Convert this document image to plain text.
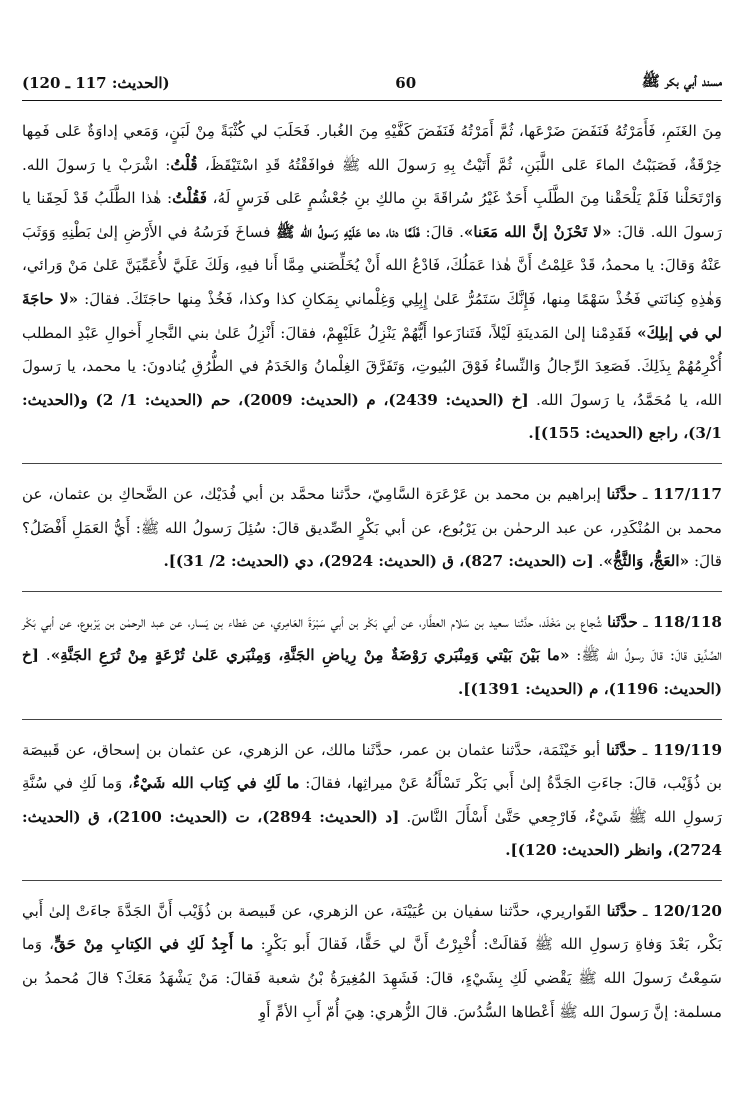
مسند أبي بكر ﷺ
60
(الحديث: 117 ـ 120)

مِنَ الغَنَمِ، فَأَمَرْتُهُ فَنَفَضَ ضَرْعَها، ثُمَّ أَمَرْتُهُ فَنَفَضَ كَفَّيْهِ مِنَ الغُبار. فَحَلَبَ لي كُثْبَةً مِنْ لَبَنٍ، وَمَعي إداوَةٌ عَلى فَمِها خِرْقَةٌ، فَصَبَبْتُ الماءَ عَلى اللَّبَنِ، ثُمَّ أَتَيْتُ بِهِ رَسولَ الله ﷺ فوافَقْتُهُ قَدِ اسْتَيْقَظَ، قُلْتُ: اشْرَبْ يا رَسولَ الله. وَارْتَحَلْنا فَلَمْ يَلْحَقْنا مِنَ الطَّلَبِ أَحَدٌ غَيْرُ سُراقَةَ بنِ مالكِ بنِ جُعْشُمٍ عَلى فَرَسٍ لَهُ، فَقُلْتُ: هٰذا الطَّلَبُ قَدْ لَحِقَنا يا رَسولَ الله. قالَ: «لا تَحْزَنْ إنَّ الله مَعَنا». قالَ: فَلَمَّا دنا، دعا عَلَيْهِ رَسولُ الله ﷺ فساخَ فَرَسُهُ في الأَرْضِ إلىٰ بَطْنِهِ وَوَثَبَ عَنْهُ وَقالَ: يا محمدُ، قَدْ عَلِمْتُ أَنَّ هٰذا عَمَلُكَ، فَادْعُ الله أَنْ يُخَلِّصَني مِمَّا أَنا فيهِ، وَلَكَ عَلَيَّ لأُعَمِّيَنَّ عَلىٰ مَنْ وَرائي، وَهٰذِهِ كِنانَتي فَخُذْ سَهْمًا مِنها، فَإِنَّكَ سَتَمُرُّ عَلىٰ إِبِلِي وَغِلْماني بِمَكانِ كذا وكذا، فَخُذْ مِنها حاجَتَكَ. فقالَ: «لا حاجَةَ لي في إبلِكَ» فَقَدِمْنا إلىٰ المَدينَةِ لَيْلاً، فَتَنازَعوا أَيُّهُمْ يَنْزِلُ عَلَيْهِمْ، فقالَ: أَنْزِلُ عَلىٰ بني النَّجارِ أَخوالِ عَبْدِ المطلب أُكْرِمُهُمْ بِذَلِكَ. فَصَعِدَ الرِّجالُ وَالنِّساءُ فَوْقَ البُيوتِ، وَتَفَرَّقَ الغِلْمانُ وَالخَدَمُ في الطُّرُقِ يُنادونَ: يا محمد، يا رَسولَ الله، يا مُحَمَّدُ، يا رَسولَ الله. [خ (الحديث: 2439)، م (الحديث: 2009)، حم (الحديث: 1/ 2) و(الحديث: 3/1)، راجع (الحديث: 155)].

117/117 ـ حدَّثَنا إبراهيم بن محمد بن عَرْعَرَة السَّامِيّ، حدَّثنا محمَّد بن أبي فُدَيْك، عن الضَّحاكِ بن عثمان، عن محمد بن المُنْكَدِر، عن عبد الرحمٰن بن يَرْبُوع، عن أبي بَكْرٍ الصِّديق قالَ: سُئِلَ رَسولُ الله ﷺ: أَيُّ العَمَلِ أَفْضَلُ؟ قالَ: «العَجُّ، وَالثَّجُّ». [ت (الحديث: 827)، ق (الحديث: 2924)، دي (الحديث: 2/ 31)].

118/118 ـ حدَّثَنا شُجاع بن مَخْلَد، حدَّثنا سعيد بن سَلام العطَّار، عن أبي بَكْر بن أبي سَبْرَةَ العَامِري، عن عَطاء بن يَسار، عن عبد الرحمٰن بن يَرْبوع، عن أبي بَكْر الصِّدِّيق قالَ: قالَ رسولُ الله ﷺ: «ما بَيْنَ بَيْتي وَمِنْبَري رَوْضَةٌ مِنْ رِياضِ الجَنَّةِ، وَمِنْبَري عَلىٰ تُرْعَةٍ مِنْ تُرَعِ الجَنَّةِ». [خ (الحديث: 1196)، م (الحديث: 1391)].

119/119 ـ حدَّثَنا أبو خَيْثَمَة، حدَّثنا عثمان بن عمر، حدَّثَنا مالك، عن الزهري، عن عثمان بن إسحاق، عن قَبيصَة بن ذُؤَيْب، قالَ: جاءَتِ الجَدَّةُ إلىٰ أَبي بَكْر تَسْأَلُهُ عَنْ ميراثِها، فقالَ: ما لَكِ في كِتاب الله شَيْءٌ، وَما لَكِ في سُنَّةِ رَسولِ الله ﷺ شَيْءٌ، فَارْجِعي حَتَّىٰ أَسْأَلَ النَّاسَ. [د (الحديث: 2894)، ت (الحديث: 2100)، ق (الحديث: 2724)، وانظر (الحديث: 120)].

120/120 ـ حدَّثَنا القَواريري، حدَّثنا سفيان بن عُيَيْنَة، عن الزهري، عن قَبيصة بن ذُؤَيْب أَنَّ الجَدَّةَ جاءَتْ إلىٰ أَبي بَكْر، بَعْدَ وَفاةِ رَسولِ الله ﷺ فَقالَتْ: أُخْبِرْتُ أَنَّ لي حَقًّا، فَقالَ أَبو بَكْرٍ: ما أَجِدُ لَكِ في الكِتابِ مِنْ حَقٍّ، وَما سَمِعْتُ رَسولَ الله ﷺ يَقْضي لَكِ بِشَيْءٍ، قالَ: فَشَهِدَ المُغِيرَةُ بْنُ شعبة فَقالَ: مَنْ يَشْهَدُ مَعَكَ؟ قالَ مُحمدُ بن مسلمة: إنَّ رَسولَ الله ﷺ أَعْطاها السُّدُسَ. قالَ الزُّهري: هِيَ أُمّ أَبِ الأمِّ أَوِ
